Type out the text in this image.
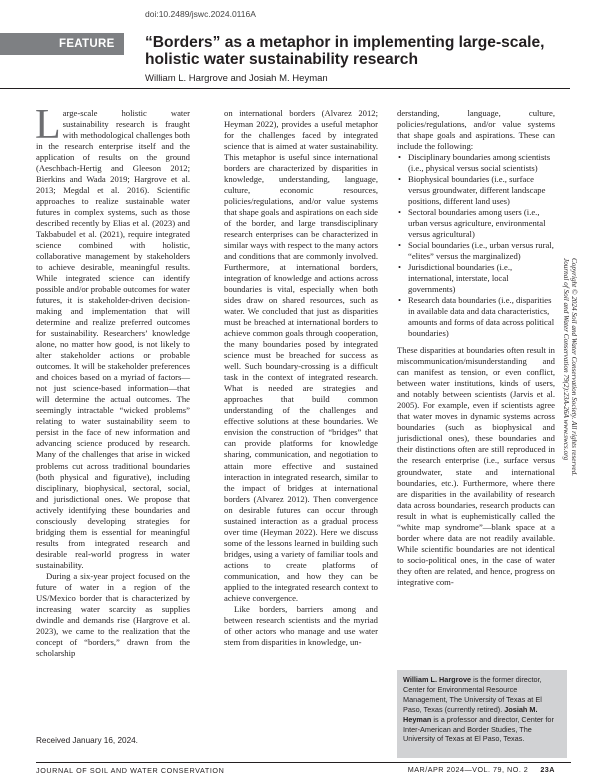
doi:10.2489/jswc.2024.0116A
FEATURE	“Borders” as a metaphor in implementing large-scale, holistic water sustainability research
William L. Hargrove and Josiah M. Heyman

Large-scale holistic water sustainability research is fraught with methodological challenges both in the research enterprise itself and the application of results on the ground (Aeschbach-Hertig and Gleeson 2012; Bierkins and Wada 2019; Hargrove et al. 2013; Megdal et al. 2016). Scientific approaches to realize sustainable water futures in complex systems, such as those described recently by Elias et al. (2023) and Takbabudel et al. (2021), require integrated science combined with holistic, collaborative management by stakeholders to achieve desirable, meaningful results. While integrated science can identify possible and/or probable outcomes for water futures, it is stakeholder-driven decision-making and implementation that will determine and realize preferred outcomes for sustainability. Researchers’ knowledge alone, no matter how good, is not likely to alter stakeholder actions or probable outcomes. It will be stakeholder preferences and choices based on a myriad of factors—not just science-based information—that will determine the actual outcomes. The seemingly intractable “wicked problems” relating to water sustainability seem to persist in the face of new information and advancing science produced by research. Many of the challenges that arise in wicked problems cut across traditional boundaries (both physical and figurative), including disciplinary, biophysical, sectoral, social, and jurisdictional ones. We propose that actively identifying these boundaries and consciously developing strategies for bridging them is essential for meaningful results from integrated research and desirable real-world progress in water sustainability.

During a six-year project focused on the future of water in a region of the US/Mexico border that is characterized by increasing water scarcity as supplies dwindle and demands rise (Hargrove et al. 2023), we came to the realization that the concept of “borders,” drawn from the scholarship

on international borders (Alvarez 2012; Heyman 2022), provides a useful metaphor for the challenges faced by integrated science that is aimed at water sustainability. This metaphor is useful since international borders are characterized by disparities in knowledge, understanding, language, culture, economic resources, policies/regulations, and/or value systems that shape goals and aspirations on each side of the border, and large transdisciplinary research enterprises can be characterized in similar ways with respect to the many actors and conditions that are commonly involved. Furthermore, at international borders, integration of knowledge and actions across boundaries is vital, especially when both sides draw on shared resources, such as water. We concluded that just as disparities must be breached at international borders to achieve common goals through cooperation, the many boundaries posed by integrated science must be breached for success as well. Such boundary-crossing is a difficult task in the context of integrated research. What is needed are strategies and approaches that build common understanding of the challenges and effective solutions at these boundaries. We envision the construction of “bridges” that can provide platforms for knowledge sharing, communication, and negotiation to attain more effective and sustained interaction in integrated research, similar to the impact of bridges at international borders (Alvarez 2012). Then convergence on desirable futures can occur through sustained interaction as a gradual process over time (Heyman 2022). Here we discuss some of the lessons learned in building such bridges, using a variety of familiar tools and actions to create platforms of communication, and how they can be applied to the integrated research context to achieve convergence.

Like borders, barriers among and between research scientists and the myriad of other actors who manage and use water stem from disparities in knowledge, un-

derstanding, language, culture, policies/regulations, and/or value systems that shape goals and aspirations. These can include the following:

• Disciplinary boundaries among scientists (i.e., physical versus social scientists)
• Biophysical boundaries (i.e., surface versus groundwater, different landscape positions, different land uses)
• Sectoral boundaries among users (i.e., urban versus agriculture, environmental versus agricultural)
• Social boundaries (i.e., urban versus rural, “elites” versus the marginalized)
• Jurisdictional boundaries (i.e., international, interstate, local governments)
• Research data boundaries (i.e., disparities in available data and data characteristics, amounts and forms of data across political boundaries)

These disparities at boundaries often result in miscommunication/misunderstanding and can manifest as tension, or even conflict, between water institutions, kinds of users, and notably between scientists (Jarvis et al. 2005). For example, even if scientists agree that water moves in dynamic systems across boundaries (such as biophysical and jurisdictional ones), these boundaries and their distinctions often are still reproduced in the research enterprise (i.e., surface versus groundwater, state and international boundaries, etc.). Furthermore, where there are disparities in the availability of research data across boundaries, research products can result in what is euphemistically called the “white map syndrome”—blank space at a border where data are not readily available. While scientific boundaries are not identical to socio-political ones, in the case of water they often are related, and hence, progress on integrative com-

Copyright © 2024 Soil and Water Conservation Society. All rights reserved.
Journal of Soil and Water Conservation 79(2):23A-26A www.swcs.org
William L. Hargrove is the former director, Center for Environmental Resource Management, The University of Texas at El Paso, Texas (currently retired). Josiah M. Heyman is a professor and director, Center for Inter-American and Border Studies, The University of Texas at El Paso, Texas.
Received January 16, 2024.
JOURNAL OF SOIL AND WATER CONSERVATION	MAR/APR 2024—VOL. 79, NO. 2 23A
